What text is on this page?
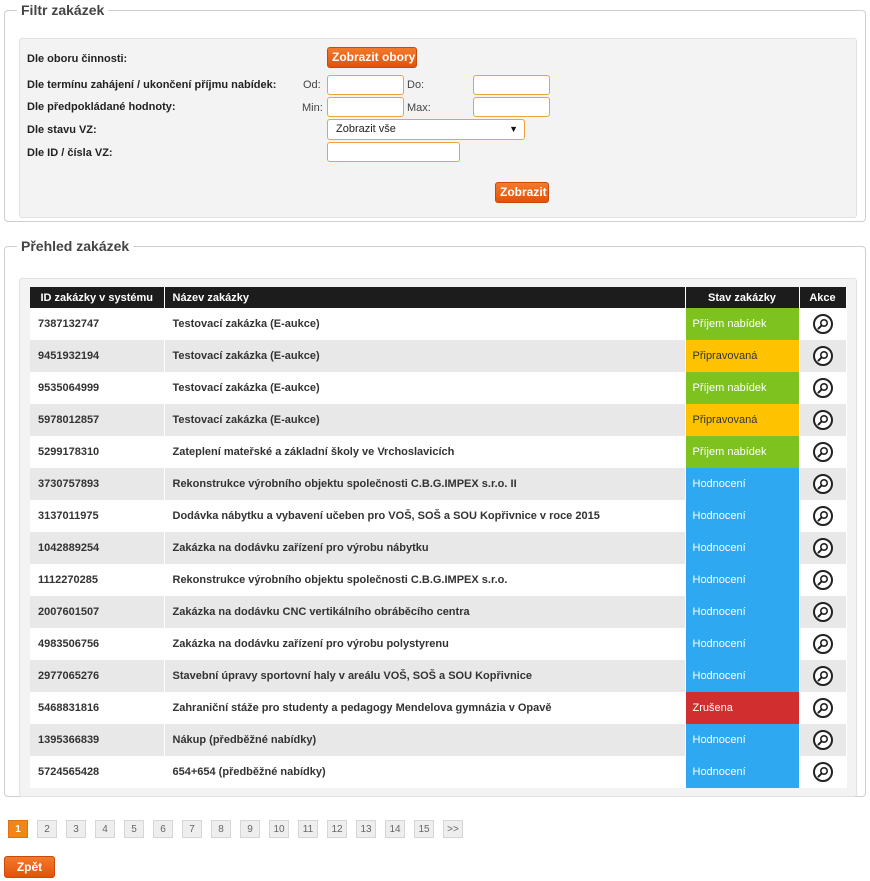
Filtr zakázek
Dle oboru činnosti:	Zobrazit obory
Dle termínu zahájení / ukončení příjmu nabídek: Od:	Do:
Dle předpokládané hodnoty:	Min:	Max:
Dle stavu VZ:	Zobrazit vše	▼
Dle ID / čísla VZ:
Zobrazit
Přehled zakázek
ID zakázky v systému	Název zakázky	Stav zakázky	Akce
7387132747	Testovací zakázka (E-aukce)	Příjem nabídek	

9451932194	Testovací zakázka (E-aukce)	Připravovaná	

9535064999	Testovací zakázka (E-aukce)	Příjem nabídek	

5978012857	Testovací zakázka (E-aukce)	Připravovaná	

5299178310	Zateplení mateřské a základní školy ve Vrchoslavicích	Příjem nabídek	

3730757893	Rekonstrukce výrobního objektu společnosti C.B.G.IMPEX s.r.o. II	Hodnocení	

3137011975	Dodávka nábytku a vybavení učeben pro VOŠ, SOŠ a SOU Kopřivnice v roce 2015	Hodnocení	

1042889254	Zakázka na dodávku zařízení pro výrobu nábytku	Hodnocení	

1112270285	Rekonstrukce výrobního objektu společnosti C.B.G.IMPEX s.r.o.	Hodnocení	

2007601507	Zakázka na dodávku CNC vertikálního obráběcího centra	Hodnocení	

4983506756	Zakázka na dodávku zařízení pro výrobu polystyrenu	Hodnocení	

2977065276	Stavební úpravy sportovní haly v areálu VOŠ, SOŠ a SOU Kopřivnice	Hodnocení	

5468831816	Zahraniční stáže pro studenty a pedagogy Mendelova gymnázia v Opavě	Zrušena	

1395366839	Nákup (předběžné nabídky)	Hodnocení	

5724565428	654+654 (předběžné nabídky)	Hodnocení	
1	2	3	4	5	6	7	8	9	10	11	12	13	14	15	>>
Zpět
